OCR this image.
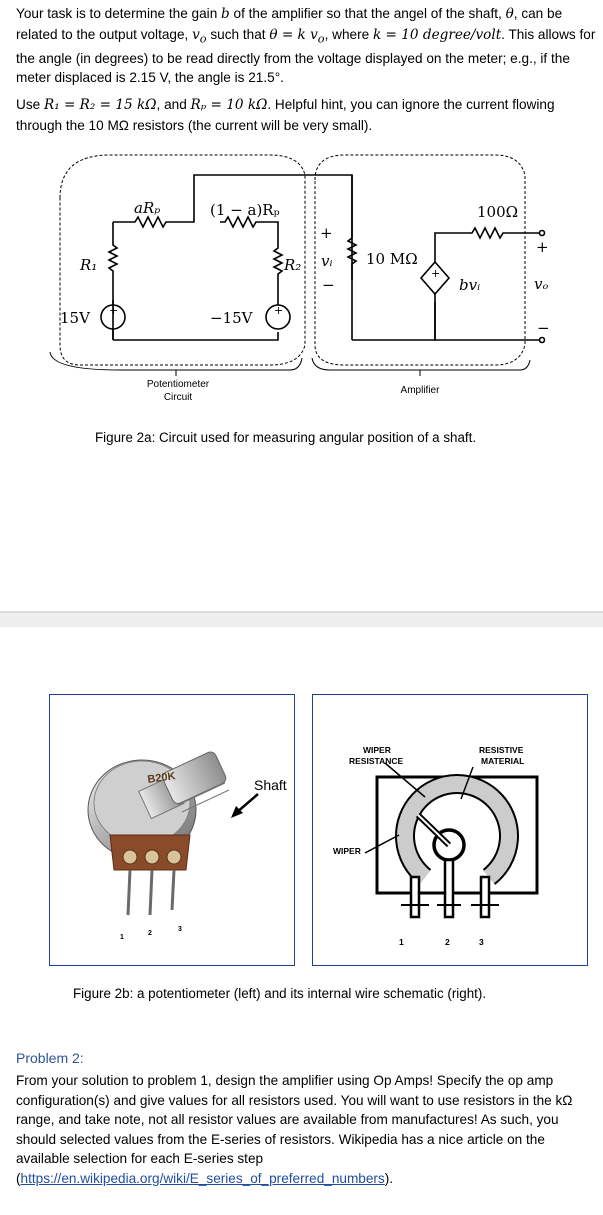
Your task is to determine the gain b of the amplifier so that the angel of the shaft, θ, can be related to the output voltage, $v_o$ such that θ = k $v_o$, where k = 10 degree/volt. This allows for the angle (in degrees) to be read directly from the voltage displayed on the meter; e.g., if the meter displaced is 2.15 V, the angle is 21.5°.

Use R₁ = R₂ = 15 kΩ, and Rₚ = 10 kΩ. Helpful hint, you can ignore the current flowing through the 10 MΩ resistors (the current will be very small).

aRₚ	(1 − a)Rₚ
R₁	R₂
15V	−15V
+
vᵢ
−
10 MΩ
100Ω
bvᵢ
+
vₒ
−
+	+
+
Potentiometer
Circuit
Amplifier
Figure 2a: Circuit used for measuring angular position of a shaft.
B20K	Shaft
1
2
3
WIPER
RESISTANCE
RESISTIVE
MATERIAL
WIPER
1	2	3
Figure 2b: a potentiometer (left) and its internal wire schematic (right).
Problem 2:
From your solution to problem 1, design the amplifier using Op Amps! Specify the op amp configuration(s) and give values for all resistors used. You will want to use resistors in the kΩ range, and take note, not all resistor values are available from manufactures! As such, you should selected values from the E-series of resistors. Wikipedia has a nice article on the available selection for each E-series step
(https://en.wikipedia.org/wiki/E_series_of_preferred_numbers).
